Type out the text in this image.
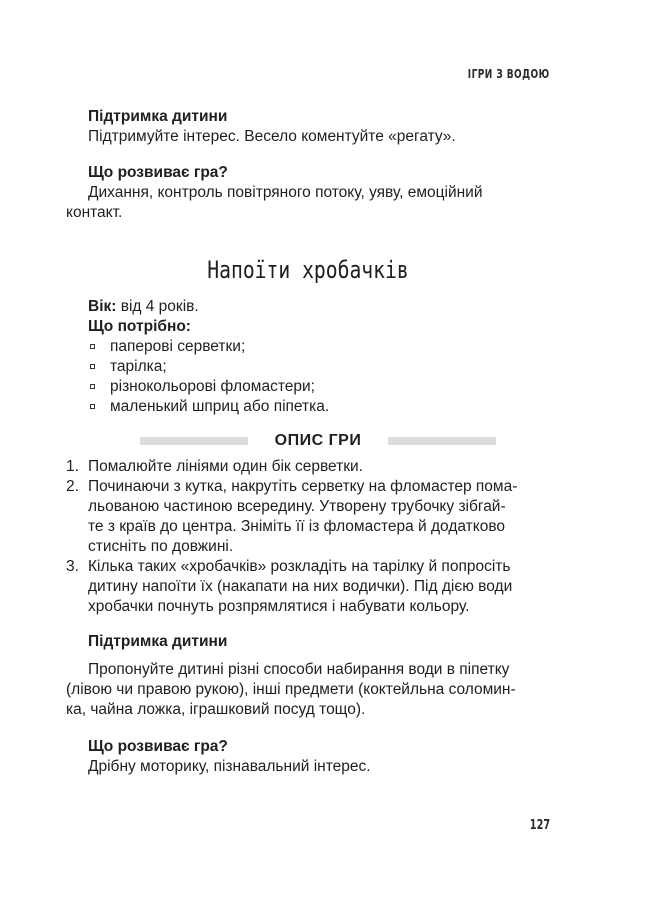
ІГРИ З ВОДОЮ

Підтримка дитини

Підтримуйте інтерес. Весело коментуйте «регату».

Що розвиває гра?

Дихання, контроль повітряного потоку, уяву, емоційний

контакт.

Напоїти хробачків

Вік: від 4 років.

Що потрібно:

паперові серветки;
тарілка;
різнокольорові фломастери;
маленький шприц або піпетка.
ОПИС ГРИ
1. Помалюйте лініями один бік серветки.
2. Починаючи з кутка, накрутіть серветку на фломастер пома-
льованою частиною всередину. Утворену трубочку зібгай-
те з країв до центра. Зніміть її із фломастера й додатково
стисніть по довжині.
3. Кілька таких «хробачків» розкладіть на тарілку й попросіть
дитину напоїти їх (накапати на них водички). Під дією води
хробачки почнуть розпрямлятися і набувати кольору.

Підтримка дитини

Пропонуйте дитині різні способи набирання води в піпетку

(лівою чи правою рукою), інші предмети (коктейльна соломин-

ка, чайна ложка, іграшковий посуд тощо).

Що розвиває гра?

Дрібну моторику, пізнавальний інтерес.

127
